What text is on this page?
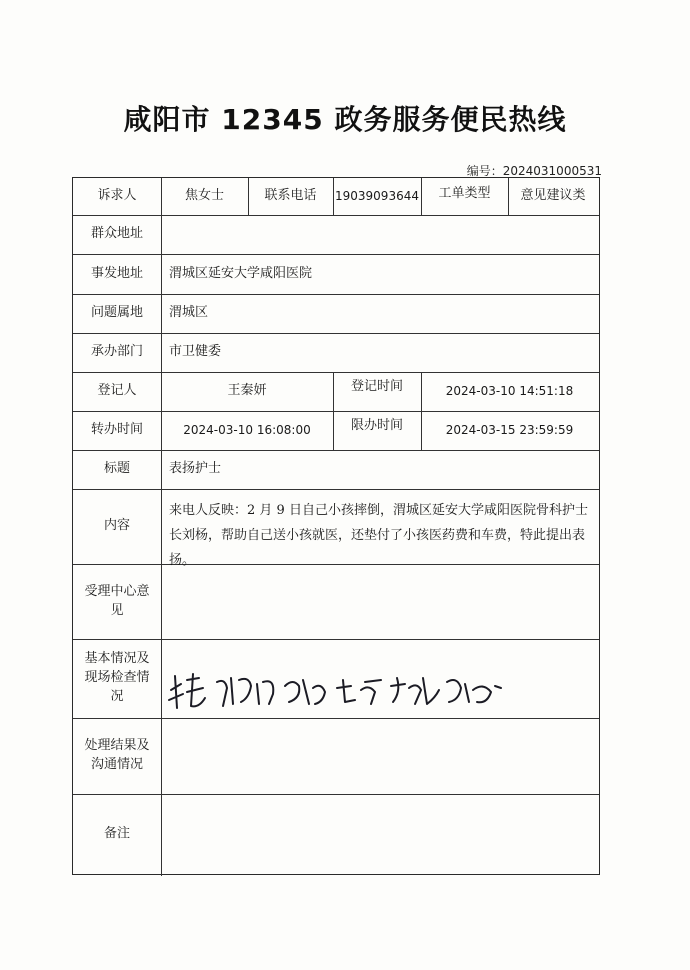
咸阳市 12345 政务服务便民热线
编号：2024031000531
诉求人	焦女士	联系电话	19039093644	工单类型	意见建议类
群众地址
事发地址	渭城区延安大学咸阳医院
问题属地	渭城区
承办部门	市卫健委
登记人	王秦妍	登记时间	2024-03-10 14:51:18
转办时间	2024-03-10 16:08:00	限办时间	2024-03-15 23:59:59
标题	表扬护士
内容
来电人反映：2 月 9 日自己小孩摔倒，渭城区延安大学咸阳医院骨科护士长刘杨，帮助自己送小孩就医，还垫付了小孩医药费和车费，特此提出表扬。
受理中心意见
基本情况及现场检查情况
处理结果及沟通情况
备注
